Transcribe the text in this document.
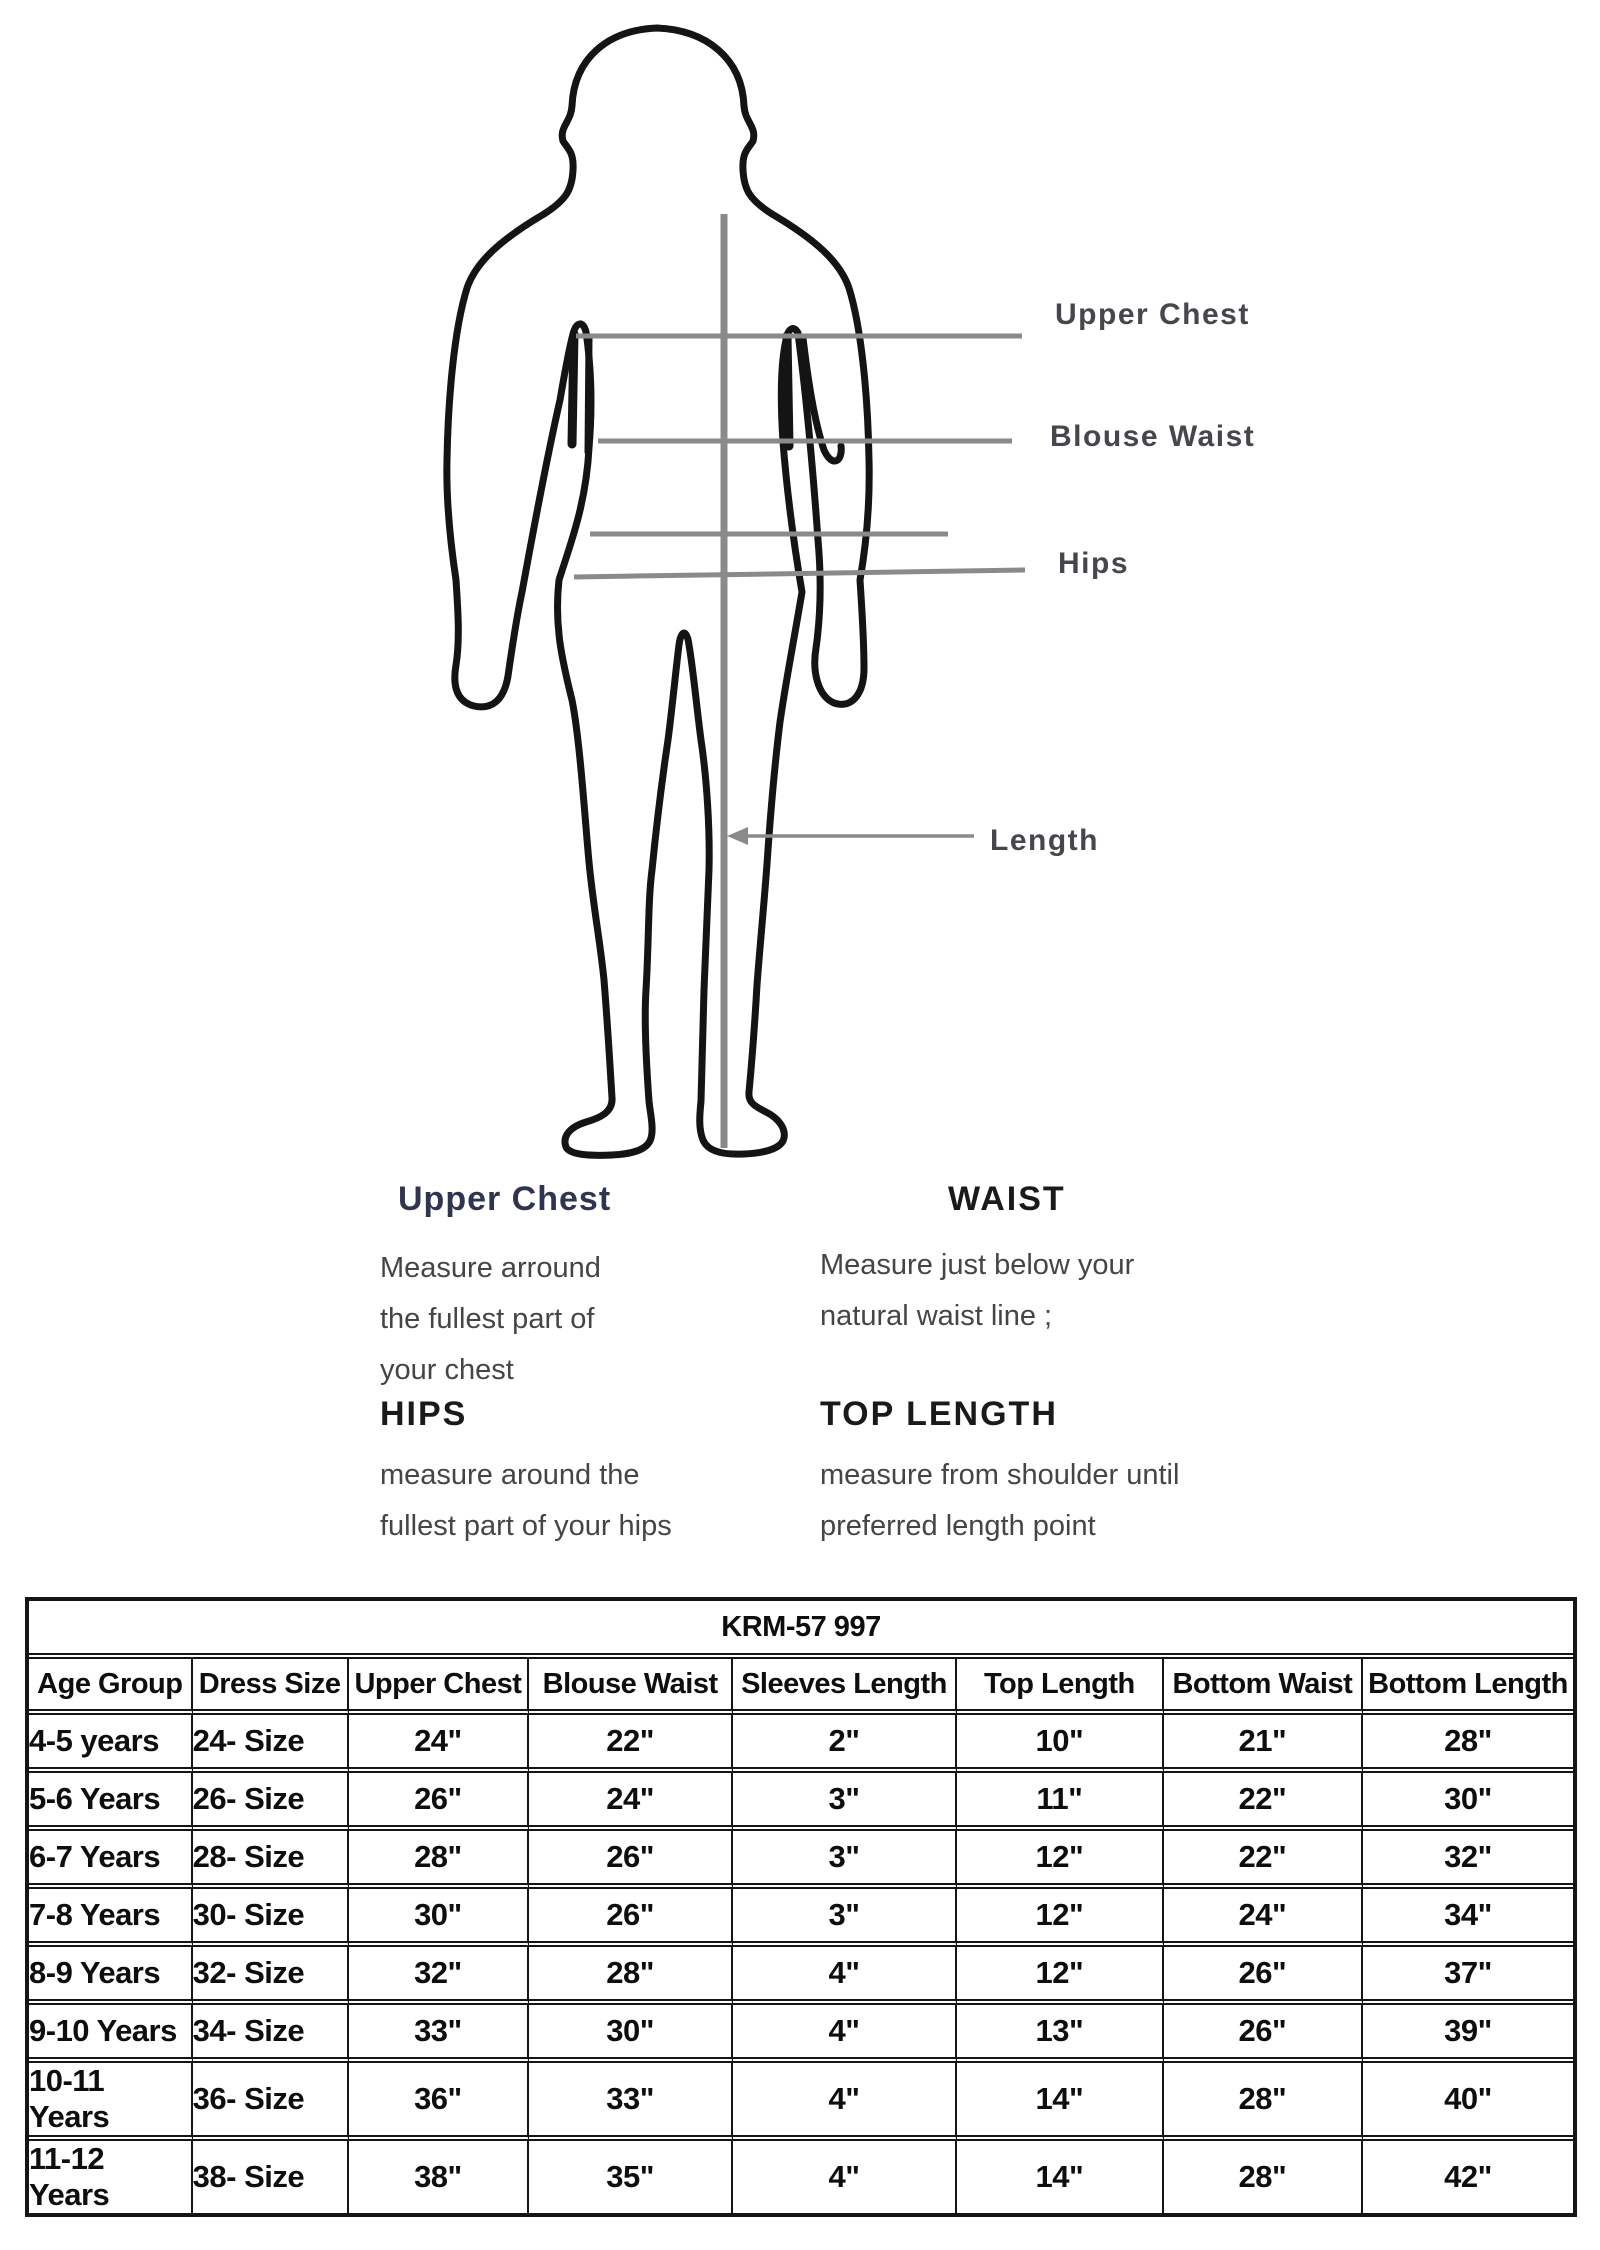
Upper Chest
Blouse Waist
Hips
Length
Upper Chest
Measure arround
the fullest part of
your chest
WAIST
Measure just below your
natural waist line ;
HIPS
measure around the
fullest part of your hips
TOP LENGTH
measure from shoulder until
preferred length point
KRM-57 997							
Age Group	Dress Size	Upper Chest	Blouse Waist	Sleeves Length	Top Length	Bottom Waist	Bottom Length
4-5 years	24- Size	24"	22"	2"	10"	21"	28"
5-6 Years	26- Size	26"	24"	3"	11"	22"	30"
6-7 Years	28- Size	28"	26"	3"	12"	22"	32"
7-8 Years	30- Size	30"	26"	3"	12"	24"	34"
8-9 Years	32- Size	32"	28"	4"	12"	26"	37"
9-10 Years	34- Size	33"	30"	4"	13"	26"	39"
10-11 Years	36- Size	36"	33"	4"	14"	28"	40"
11-12 Years	38- Size	38"	35"	4"	14"	28"	42"
